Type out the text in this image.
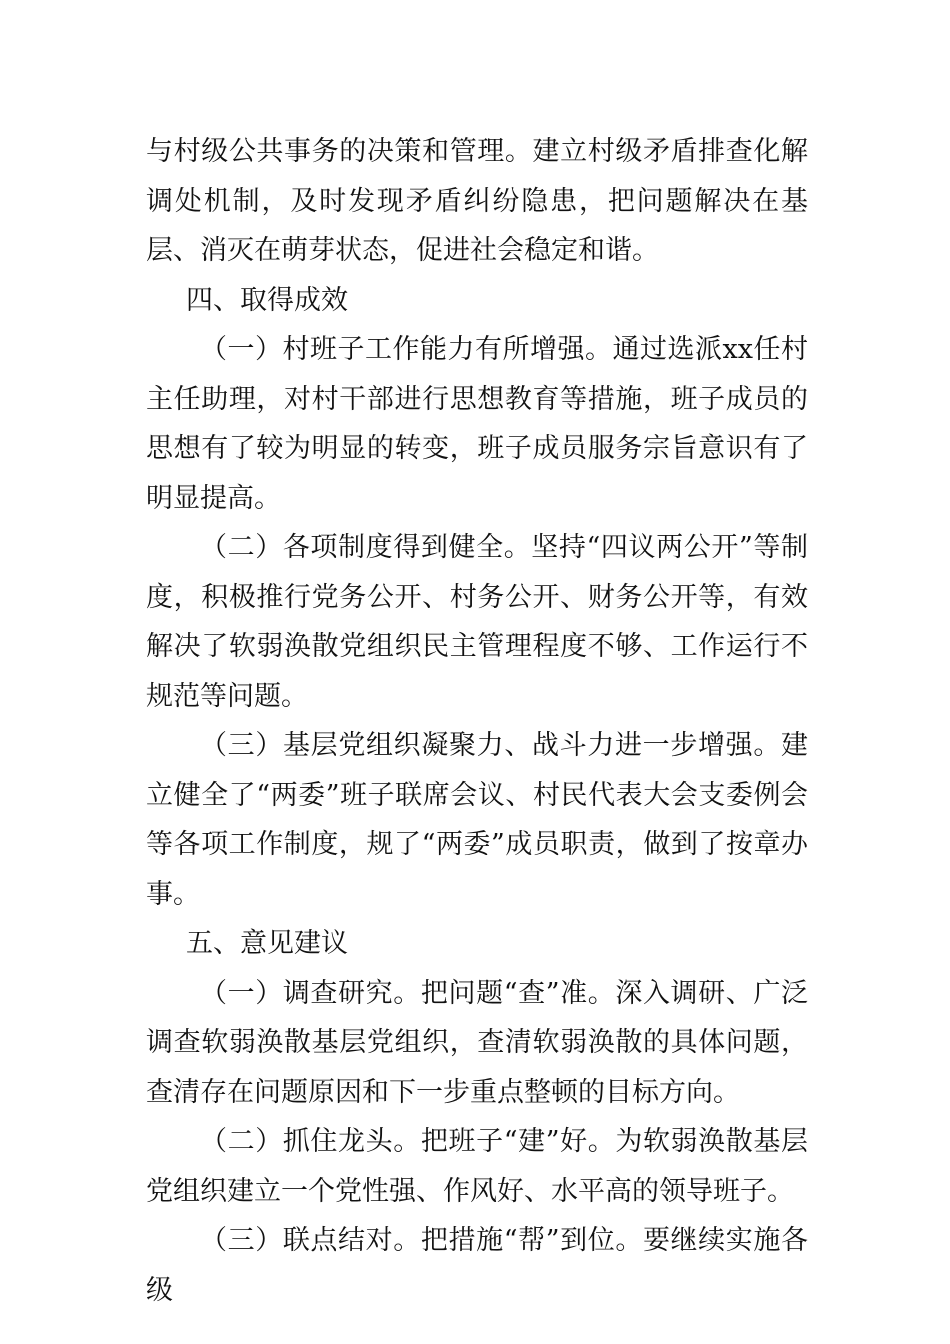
与村级公共事务的决策和管理。建立村级矛盾排查化解调处机制，及时发现矛盾纠纷隐患，把问题解决在基层、消灭在萌芽状态，促进社会稳定和谐。

四、取得成效

（一）村班子工作能力有所增强。通过选派xx任村主任助理，对村干部进行思想教育等措施，班子成员的思想有了较为明显的转变，班子成员服务宗旨意识有了明显提高。

（二）各项制度得到健全。坚持“四议两公开”等制度，积极推行党务公开、村务公开、财务公开等，有效解决了软弱涣散党组织民主管理程度不够、工作运行不规范等问题。

（三）基层党组织凝聚力、战斗力进一步增强。建立健全了“两委”班子联席会议、村民代表大会支委例会等各项工作制度，规了“两委”成员职责，做到了按章办事。

五、意见建议

（一）调查研究。把问题“查”准。深入调研、广泛调查软弱涣散基层党组织，查清软弱涣散的具体问题，查清存在问题原因和下一步重点整顿的目标方向。

（二）抓住龙头。把班子“建”好。为软弱涣散基层党组织建立一个党性强、作风好、水平高的领导班子。

（三）联点结对。把措施“帮”到位。要继续实施各级
